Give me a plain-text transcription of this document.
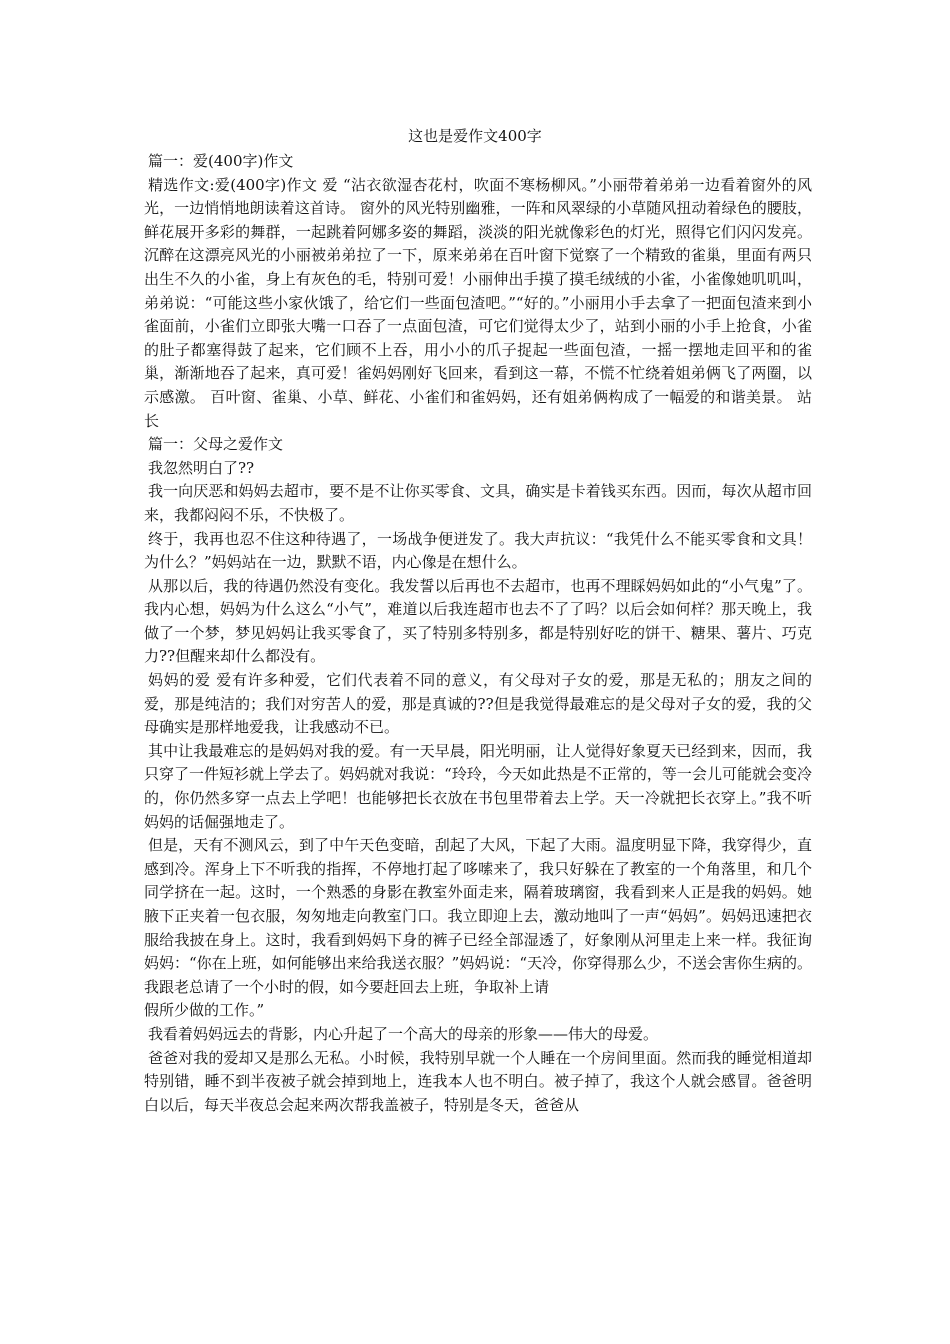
这也是爱作文400字

篇一：爱(400字)作文

精选作文:爱(400字)作文 爱 “沾衣欲湿杏花村，吹面不寒杨柳风。”小丽带着弟弟一边看着窗外的风光，一边悄悄地朗读着这首诗。 窗外的风光特别幽雅，一阵和风翠绿的小草随风扭动着绿色的腰肢，鲜花展开多彩的舞群，一起跳着阿娜多姿的舞蹈，淡淡的阳光就像彩色的灯光，照得它们闪闪发亮。沉醉在这漂亮风光的小丽被弟弟拉了一下，原来弟弟在百叶窗下觉察了一个精致的雀巢，里面有两只出生不久的小雀，身上有灰色的毛，特别可爱！小丽伸出手摸了摸毛绒绒的小雀，小雀像她叽叽叫，弟弟说：“可能这些小家伙饿了，给它们一些面包渣吧。”“好的。”小丽用小手去拿了一把面包渣来到小雀面前，小雀们立即张大嘴一口吞了一点面包渣，可它们觉得太少了，站到小丽的小手上抢食，小雀的肚子都塞得鼓了起来，它们顾不上吞，用小小的爪子捉起一些面包渣，一摇一摆地走回平和的雀巢，渐渐地吞了起来，真可爱！雀妈妈刚好飞回来，看到这一幕，不慌不忙绕着姐弟俩飞了两圈，以示感激。 百叶窗、雀巢、小草、鲜花、小雀们和雀妈妈，还有姐弟俩构成了一幅爱的和谐美景。 站长

篇一：父母之爱作文

我忽然明白了??

我一向厌恶和妈妈去超市，要不是不让你买零食、文具，确实是卡着钱买东西。因而，每次从超市回来，我都闷闷不乐，不快极了。

终于，我再也忍不住这种待遇了，一场战争便迸发了。我大声抗议：“我凭什么不能买零食和文具！为什么？”妈妈站在一边，默默不语，内心像是在想什么。

从那以后，我的待遇仍然没有变化。我发誓以后再也不去超市，也再不理睬妈妈如此的“小气鬼”了。我内心想，妈妈为什么这么“小气”，难道以后我连超市也去不了了吗？以后会如何样？那天晚上，我做了一个梦，梦见妈妈让我买零食了，买了特别多特别多，都是特别好吃的饼干、糖果、薯片、巧克力??但醒来却什么都没有。

妈妈的爱 爱有许多种爱，它们代表着不同的意义，有父母对子女的爱，那是无私的；朋友之间的爱，那是纯洁的；我们对穷苦人的爱，那是真诚的??但是我觉得最难忘的是父母对子女的爱，我的父母确实是那样地爱我，让我感动不已。

其中让我最难忘的是妈妈对我的爱。有一天早晨，阳光明丽，让人觉得好象夏天已经到来，因而，我只穿了一件短衫就上学去了。妈妈就对我说：“玲玲，今天如此热是不正常的，等一会儿可能就会变冷的，你仍然多穿一点去上学吧！也能够把长衣放在书包里带着去上学。天一冷就把长衣穿上。”我不听妈妈的话倔强地走了。

但是，天有不测风云，到了中午天色变暗，刮起了大风，下起了大雨。温度明显下降，我穿得少，直感到冷。浑身上下不听我的指挥，不停地打起了哆嗦来了，我只好躲在了教室的一个角落里，和几个同学挤在一起。这时，一个熟悉的身影在教室外面走来，隔着玻璃窗，我看到来人正是我的妈妈。她腋下正夹着一包衣服，匆匆地走向教室门口。我立即迎上去，激动地叫了一声“妈妈”。妈妈迅速把衣服给我披在身上。这时，我看到妈妈下身的裤子已经全部湿透了，好象刚从河里走上来一样。我征询妈妈：“你在上班，如何能够出来给我送衣服？”妈妈说：“天冷，你穿得那么少，不送会害你生病的。我跟老总请了一个小时的假，如今要赶回去上班，争取补上请

假所少做的工作。”

我看着妈妈远去的背影，内心升起了一个高大的母亲的形象——伟大的母爱。

爸爸对我的爱却又是那么无私。小时候，我特别早就一个人睡在一个房间里面。然而我的睡觉相道却特别错，睡不到半夜被子就会掉到地上，连我本人也不明白。被子掉了，我这个人就会感冒。爸爸明白以后，每天半夜总会起来两次帮我盖被子，特别是冬天，爸爸从
